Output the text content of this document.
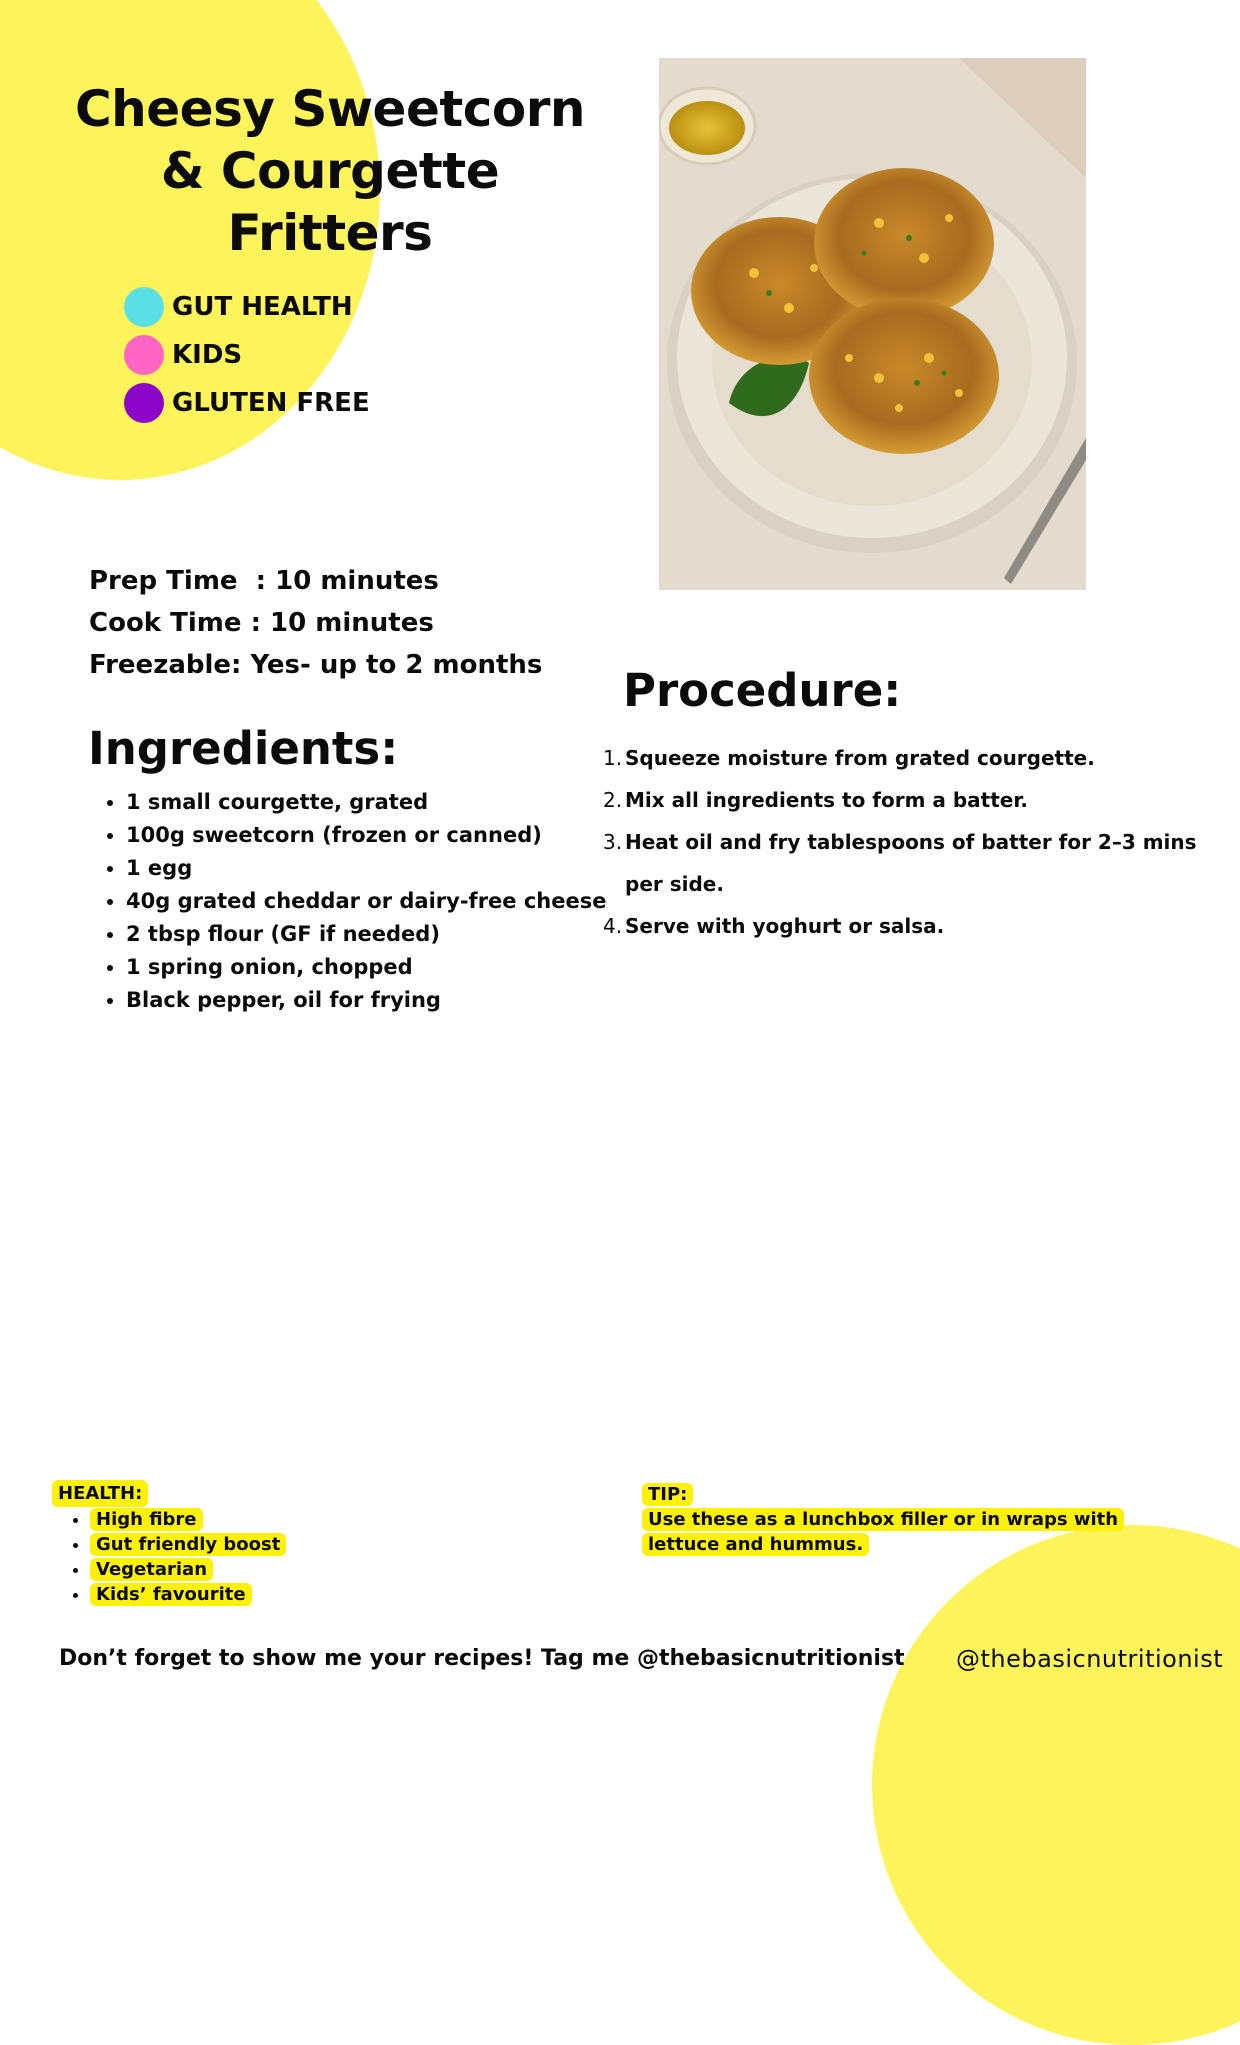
Cheesy Sweetcorn
& Courgette Fritters
GUT HEALTH
KIDS
GLUTEN FREE
Prep Time  : 10 minutes
Cook Time : 10 minutes
Freezable: Yes- up to 2 months
Ingredients:
• 1 small courgette, grated
• 100g sweetcorn (frozen or canned)
• 1 egg
• 40g grated cheddar or dairy-free cheese
• 2 tbsp flour (GF if needed)
• 1 spring onion, chopped
• Black pepper, oil for frying
Procedure:
1. Squeeze moisture from grated courgette.
2. Mix all ingredients to form a batter.
3. Heat oil and fry tablespoons of batter for 2–3 mins per side.
4. Serve with yoghurt or salsa.
HEALTH:
• High fibre
• Gut friendly boost
• Vegetarian
• Kids’ favourite
TIP:
Use these as a lunchbox filler or in wraps with lettuce and hummus.
Don’t forget to show me your recipes! Tag me @thebasicnutritionist @thebasicnutritionist
